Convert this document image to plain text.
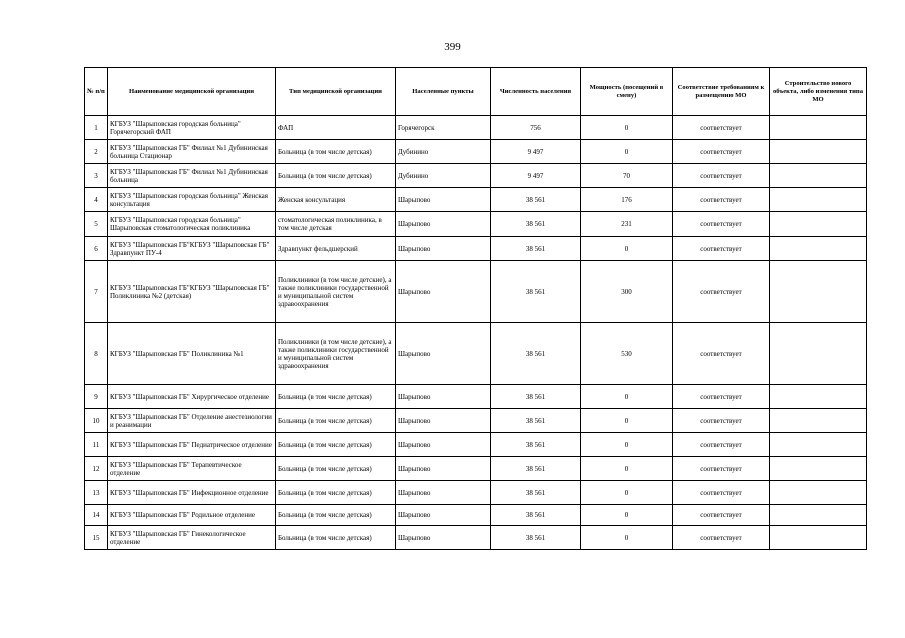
399
№ п/п	Наименование медицинской организации	Тип медицинской организации	Населенные пункты	Численность населения	Мощность (посещений в смену)	Соответствие требованиям к размещению МО	Строительство нового объекта, либо изменения типа МО
1	КГБУЗ "Шарыповская городская больница" Горячегорский ФАП	ФАП	Горячегорск	756	0	соответствует	
2	КГБУЗ "Шарыповская ГБ" Филиал №1 Дубининская больница Стационар	Больница (в том числе детская)	Дубинино	9 497	0	соответствует	
3	КГБУЗ "Шарыповская ГБ" Филиал №1 Дубининская больница	Больница (в том числе детская)	Дубинино	9 497	70	соответствует	
4	КГБУЗ "Шарыповская городская больница" Женская консультация	Женская консультация	Шарыпово	38 561	176	соответствует	
5	КГБУЗ "Шарыповская городская больница" Шарыповская стоматологическая поликлиника	стоматологическая поликлиника, в том числе детская	Шарыпово	38 561	231	соответствует	
6	КГБУЗ "Шарыповская ГБ"КГБУЗ "Шарыповская ГБ" Здравпункт ПУ-4	Здравпункт фельдшерский	Шарыпово	38 561	0	соответствует	
7	КГБУЗ "Шарыповская ГБ"КГБУЗ "Шарыповская ГБ" Поликлиника №2 (детская)	Поликлиники (в том числе детские), а также поликлиники государственной и муниципальной систем здравоохранения	Шарыпово	38 561	300	соответствует	
8	КГБУЗ "Шарыповская ГБ" Поликлиника №1	Поликлиники (в том числе детские), а также поликлиники государственной и муниципальной систем здравоохранения	Шарыпово	38 561	530	соответствует	
9	КГБУЗ "Шарыповская ГБ" Хирургическое отделение	Больница (в том числе детская)	Шарыпово	38 561	0	соответствует	
10	КГБУЗ "Шарыповская ГБ" Отделение анестезиологии и реанимации	Больница (в том числе детская)	Шарыпово	38 561	0	соответствует	
11	КГБУЗ "Шарыповская ГБ" Педиатрическое отделение	Больница (в том числе детская)	Шарыпово	38 561	0	соответствует	
12	КГБУЗ "Шарыповская ГБ" Терапевтическое отделение	Больница (в том числе детская)	Шарыпово	38 561	0	соответствует	
13	КГБУЗ "Шарыповская ГБ" Инфекционное отделение	Больница (в том числе детская)	Шарыпово	38 561	0	соответствует	
14	КГБУЗ "Шарыповская ГБ" Родильное отделение	Больница (в том числе детская)	Шарыпово	38 561	0	соответствует	
15	КГБУЗ "Шарыповская ГБ" Гинекологическое отделение	Больница (в том числе детская)	Шарыпово	38 561	0	соответствует	
